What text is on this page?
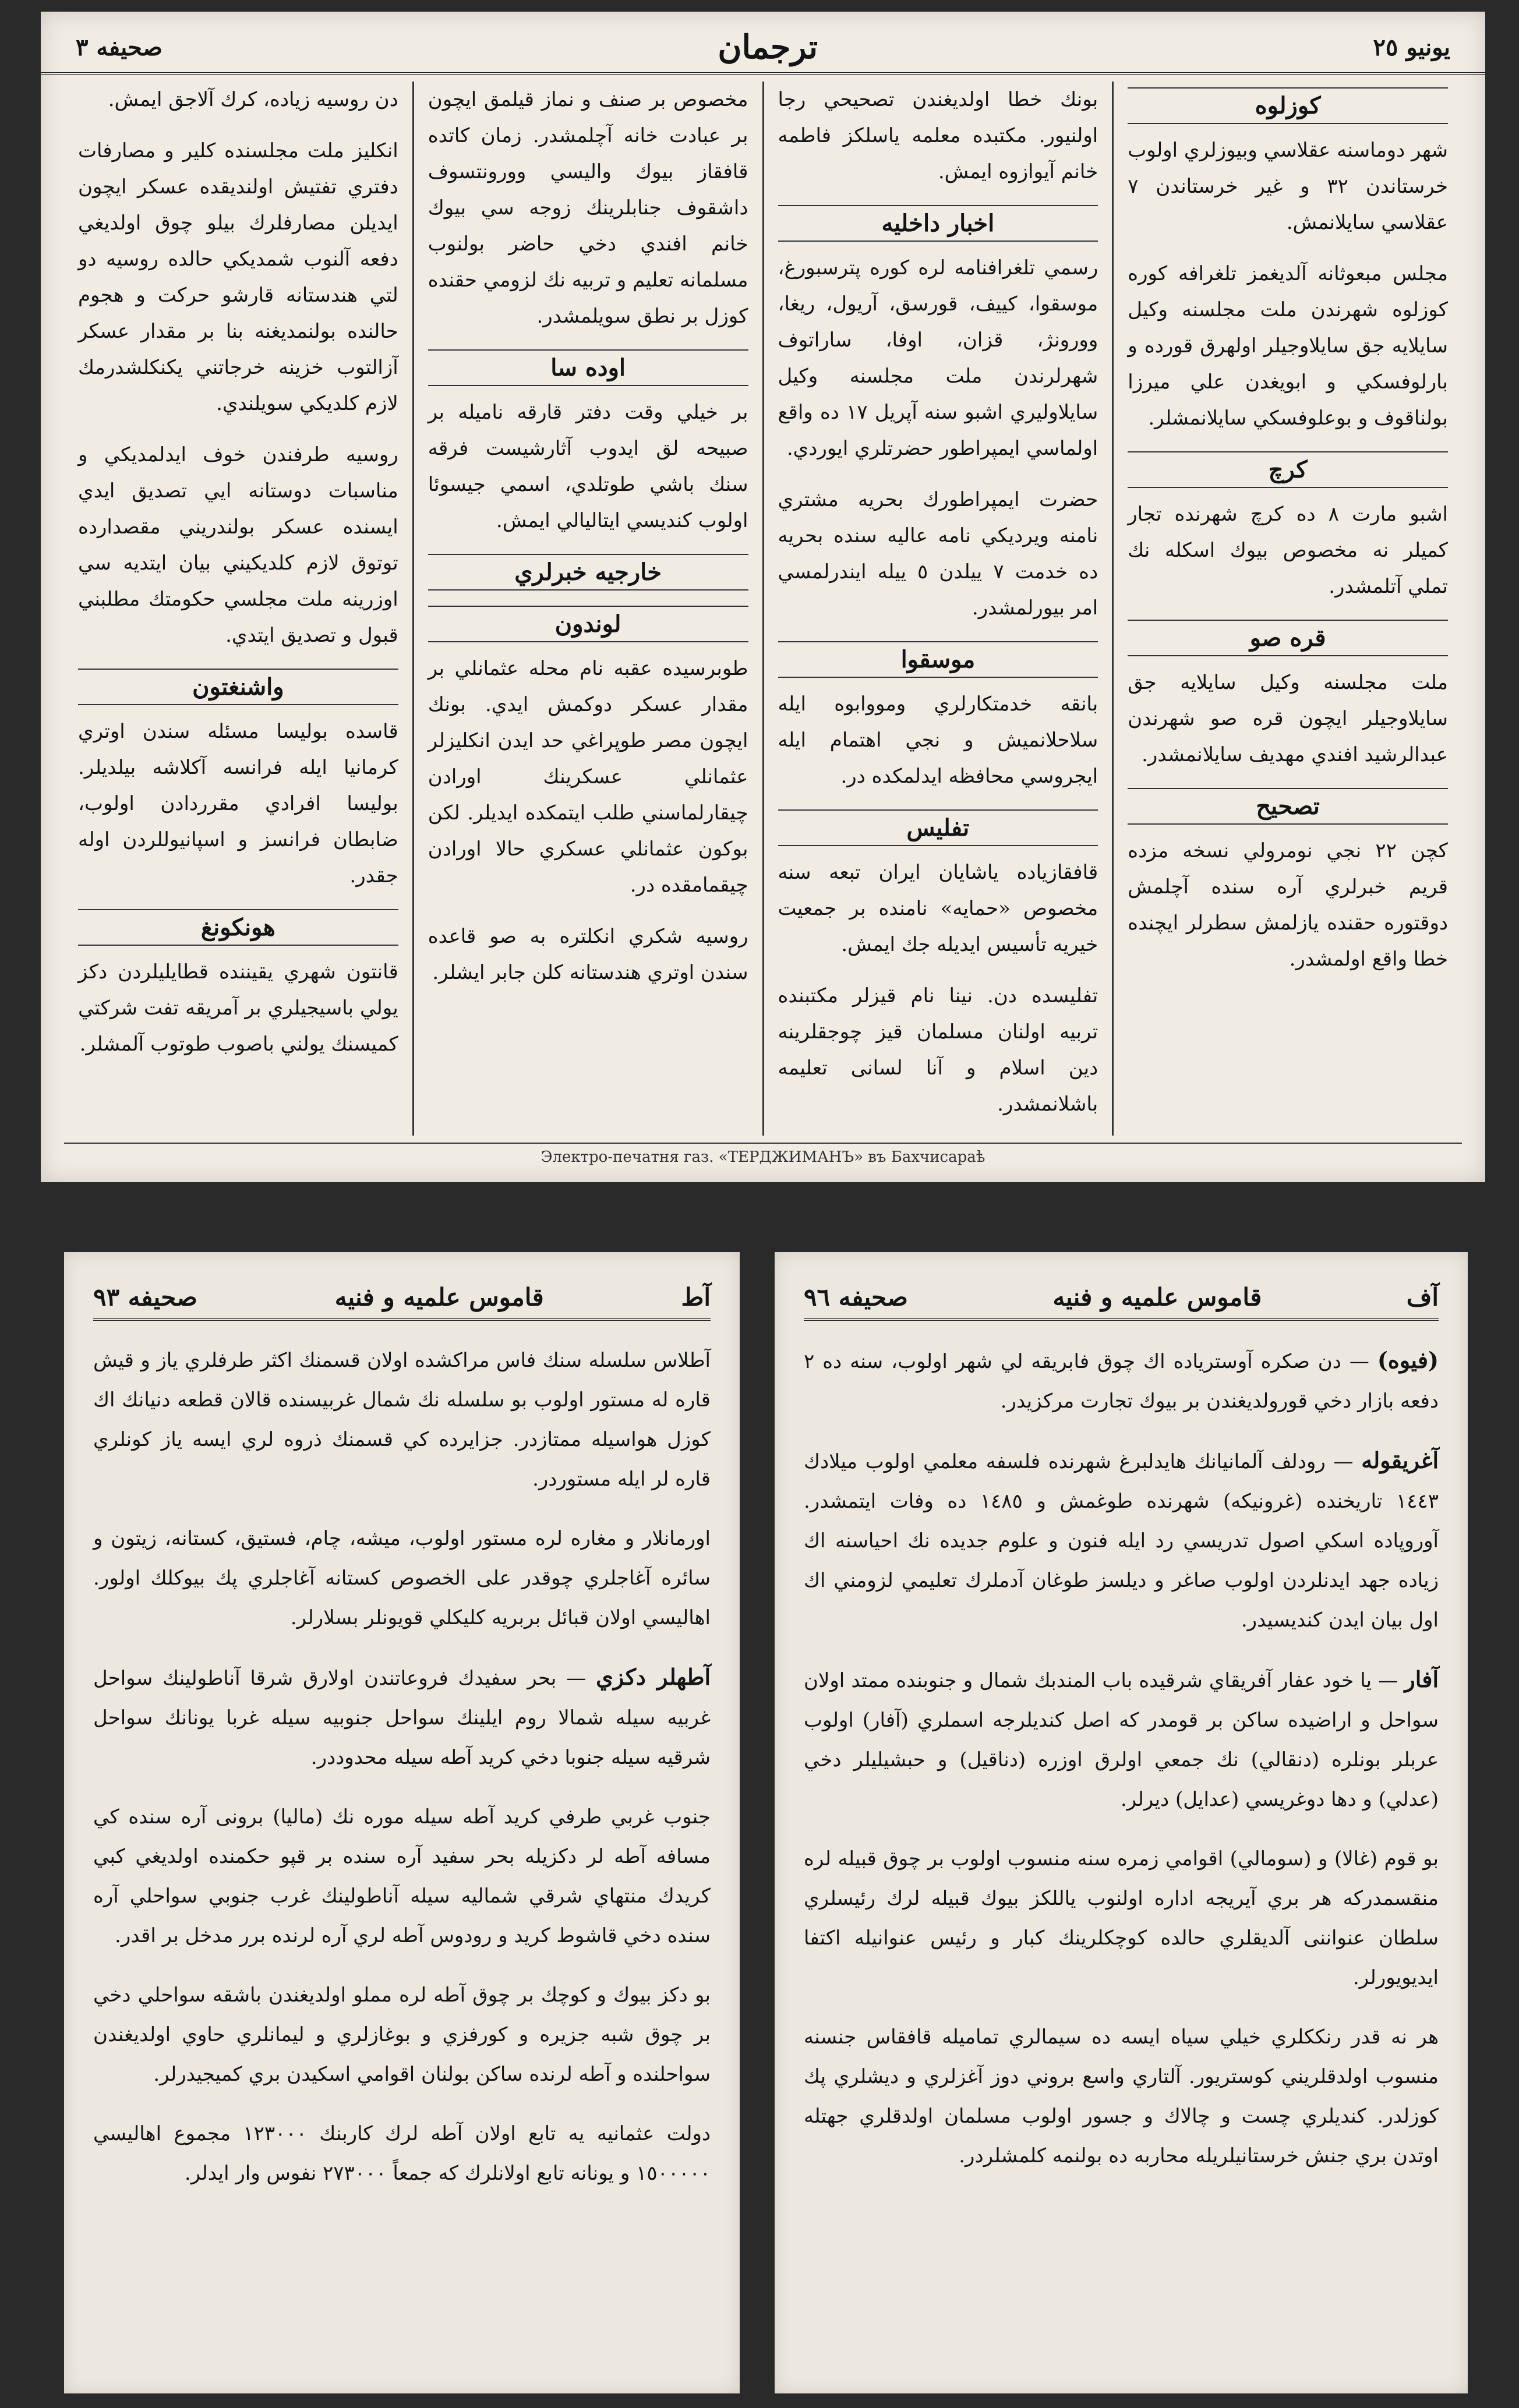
صحيفه ٣	ترجمان	يونيو ٢٥
كوزلوه
شهر دوماسنه عقلاسي وبيوزلري اولوب خرستاندن ٣٢ و غير خرستاندن ٧ عقلاسي سايلانمش.
مجلس مبعوثانه آلدیغمز تلغرافه كوره كوزلوه شهرندن ملت مجلسنه وكيل سايلايه جق سايلاوجيلر اولهرق قورده و بارلوفسكي و ابويغدن علي ميرزا بولناقوف و بوعلوفسكي سايلانمشلر.
كرچ
اشبو مارت ٨ ده كرچ شهرنده تجار كميلر نه مخصوص بيوك اسكله نك تملي آتلمشدر.
قره صو
ملت مجلسنه وكيل سايلايه جق سايلاوجيلر ايچون قره صو شهرندن عبدالرشيد افندي مهديف سايلانمشدر.
تصحيح
كچن ٢٢ نجي نومرولي نسخه مزده قريم خبرلري آره سنده آچلمش دوقتوره حقنده يازلمش سطرلر ايچنده خطا واقع اولمشدر.
بونك خطا اولدیغندن تصحيحي رجا اولنيور. مكتبده معلمه ياسلكز فاطمه خانم آيوازوه ايمش.
اخبار داخليه
رسمي تلغرافنامه لره كوره پترسبورغ، موسقوا، كييف، قورسق، آريول، ريغا، وورونژ، قزان، اوفا، ساراتوف شهرلرندن ملت مجلسنه وكيل سايلاوليري اشبو سنه آپريل ١٧ ده واقع اولماسي ايمپراطور حضرتلري ايوردي.
حضرت ايمپراطورك بحريه مشتري نامنه ويرديكي نامه عاليه سنده بحريه ده خدمت ٧ ييلدن ٥ ييله ايندرلمسي امر بيورلمشدر.
موسقوا
بانقه خدمتكارلري ومووابوه ايله سلاحلانميش و نجي اهتمام ايله ايجروسي محافظه ايدلمكده در.
تفليس
قافقازياده ياشايان ايران تبعه سنه مخصوص «حمايه» نامنده بر جمعيت خيريه تأسيس ايديله جك ايمش.
تفليسده دن. نينا نام قيزلر مكتبنده تربيه اولنان مسلمان قيز چوجقلرينه دين اسلام و آنا لسانی تعليمه باشلانمشدر.
مخصوص بر صنف و نماز قيلمق ايچون بر عبادت خانه آچلمشدر. زمان كاتده قافقاز بيوك واليسي وورونتسوف داشقوف جنابلرينك زوجه سي بيوك خانم افندي دخي حاضر بولنوب مسلمانه تعليم و تربيه نك لزومي حقنده كوزل بر نطق سويلمشدر.
اوده سا
بر خيلي وقت دفتر قارقه ناميله بر صبيحه لق ايدوب آثارشيست فرقه سنك باشي طوتلدي، اسمي جيسوئا اولوب كنديسي ايتاليالي ايمش.
خارجيه خبرلري
لوندون
طوبرسيده عقبه نام محله عثمانلي بر مقدار عسكر دوكمش ايدي. بونك ايچون مصر طوپراغي حد ايدن انكليزلر عثمانلي عسكرينك اورادن چيقارلماسني طلب ايتمكده ايديلر. لكن بوكون عثمانلي عسكري حالا اورادن چيقمامقده در.
روسيه شكري انكلتره به صو قاعده سندن اوتري هندستانه كلن جابر ايشلر.
دن روسيه زياده، كرك آلاجق ايمش.
انكليز ملت مجلسنده كلير و مصارفات دفتري تفتيش اولنديقده عسكر ايچون ايديلن مصارفلرك بيلو چوق اولديغي دفعه آلنوب شمديكي حالده روسيه دو لتي هندستانه قارشو حركت و هجوم حالنده بولنمديغنه بنا بر مقدار عسكر آزالتوب خزينه خرجاتني يكنكلشدرمك لازم كلديكي سويلندي.
روسيه طرفندن خوف ايدلمديكي و مناسبات دوستانه ايي تصديق ايدي ايسنده عسكر بولندريني مقصدارده توتوق لازم كلديكيني بيان ايتديه سي اوزرينه ملت مجلسي حكومتك مطلبني قبول و تصديق ايتدي.
واشنغتون
قاسده بوليسا مسئله سندن اوتري كرمانيا ايله فرانسه آكلاشه بيلديلر. بوليسا افرادي مقرردادن اولوب، ضابطان فرانسز و اسپانيوللردن اوله جقدر.
هونكونغ
قانتون شهري يقيننده قطايليلردن دكز يولي باسيجيلري بر آمريقه تفت شركتي كميسنك يولني باصوب طوتوب آلمشلر.
Электро-печатня газ. «ТЕРДЖИМАНЪ» въ Бахчисараѣ
آط
قاموس علميه و فنيه
صحيفه ٩٣

آطلاس سلسله سنك فاس مراكشده اولان قسمنك اكثر طرفلري ياز و قيش قاره له مستور اولوب بو سلسله نك شمال غربيسنده قالان قطعه دنيانك اك كوزل هواسيله ممتازدر. جزايرده كي قسمنك ذروه لري ايسه ياز كونلري قاره لر ايله مستوردر.

اورمانلار و مغاره لره مستور اولوب، ميشه، چام، فستيق، كستانه، زيتون و سائره آغاجلري چوقدر على الخصوص كستانه آغاجلري پك بيوكلك اولور. اهاليسي اولان قبائل بربريه كليكلي قويونلر بسلارلر.

آطهلر دكزي — بحر سفيدك فروعاتندن اولارق شرقا آناطولينك سواحل غربيه سيله شمالا روم ايلينك سواحل جنوبيه سيله غربا يونانك سواحل شرقيه سيله جنوبا دخي كريد آطه سيله محدوددر.

جنوب غربي طرفي كريد آطه سيله موره نك (ماليا) برونی آره سنده كي مسافه آطه لر دكزيله بحر سفيد آره سنده بر قپو حكمنده اولديغي كبي كريدك منتهاي شرقي شماليه سيله آناطولينك غرب جنوبي سواحلي آره سنده دخي قاشوط كريد و رودوس آطه لري آره لرنده برر مدخل بر اقدر.

بو دكز بيوك و كوچك بر چوق آطه لره مملو اولديغندن باشقه سواحلي دخي بر چوق شبه جزيره و كورفزي و بوغازلري و ليمانلري حاوي اولديغندن سواحلنده و آطه لرنده ساكن بولنان اقوامي اسكيدن بري كميجيدرلر.

دولت عثمانيه يه تابع اولان آطه لرك كاربنك ١٢٣٠٠٠ مجموع اهاليسي ١٥٠٠٠٠٠ و يونانه تابع اولانلرك كه جمعاً ٢٧٣٠٠٠ نفوس وار ايدلر.

آف
قاموس علميه و فنيه
صحيفه ٩٦

(فيوه) — دن صكره آوسترياده اك چوق فابريقه لي شهر اولوب، سنه ده ٢ دفعه بازار دخي قورولديغندن بر بيوك تجارت مركزيدر.

آغريقوله — رودلف آلمانيانك هايدلبرغ شهرنده فلسفه معلمي اولوب ميلادك ١٤٤٣ تاريخنده (غرونيكه) شهرنده طوغمش و ١٤٨٥ ده وفات ايتمشدر. آوروپاده اسكي اصول تدريسي رد ايله فنون و علوم جديده نك احياسنه اك زياده جهد ايدنلردن اولوب صاغر و ديلسز طوغان آدملرك تعليمي لزومني اك اول بيان ايدن كنديسيدر.

آفار — يا خود عفار آفريقاي شرقيده باب المندبك شمال و جنوبنده ممتد اولان سواحل و اراضيده ساكن بر قومدر كه اصل كنديلرجه اسملري (آفار) اولوب عربلر بونلره (دنقالي) نك جمعي اولرق اوزره (دناقيل) و حبشيليلر دخي (عدلي) و دها دوغريسي (عدايل) ديرلر.

بو قوم (غالا) و (سومالي) اقوامي زمره سنه منسوب اولوب بر چوق قبيله لره منقسمدركه هر بري آيريجه اداره اولنوب ياللكز بيوك قبيله لرك رئيسلري سلطان عنواننی آلديقلري حالده كوچكلرينك كبار و رئيس عنوانيله اكتفا ايديويورلر.

هر نه قدر رنككلري خيلي سياه ايسه ده سيمالري تماميله قافقاس جنسنه منسوب اولدقلريني كوستريور. آلتاري واسع بروني دوز آغزلري و ديشلري پك كوزلدر. كنديلري چست و چالاك و جسور اولوب مسلمان اولدقلري جهتله اوتدن بري جنش خرستانيلريله محاربه ده بولنمه كلمشلردر.
